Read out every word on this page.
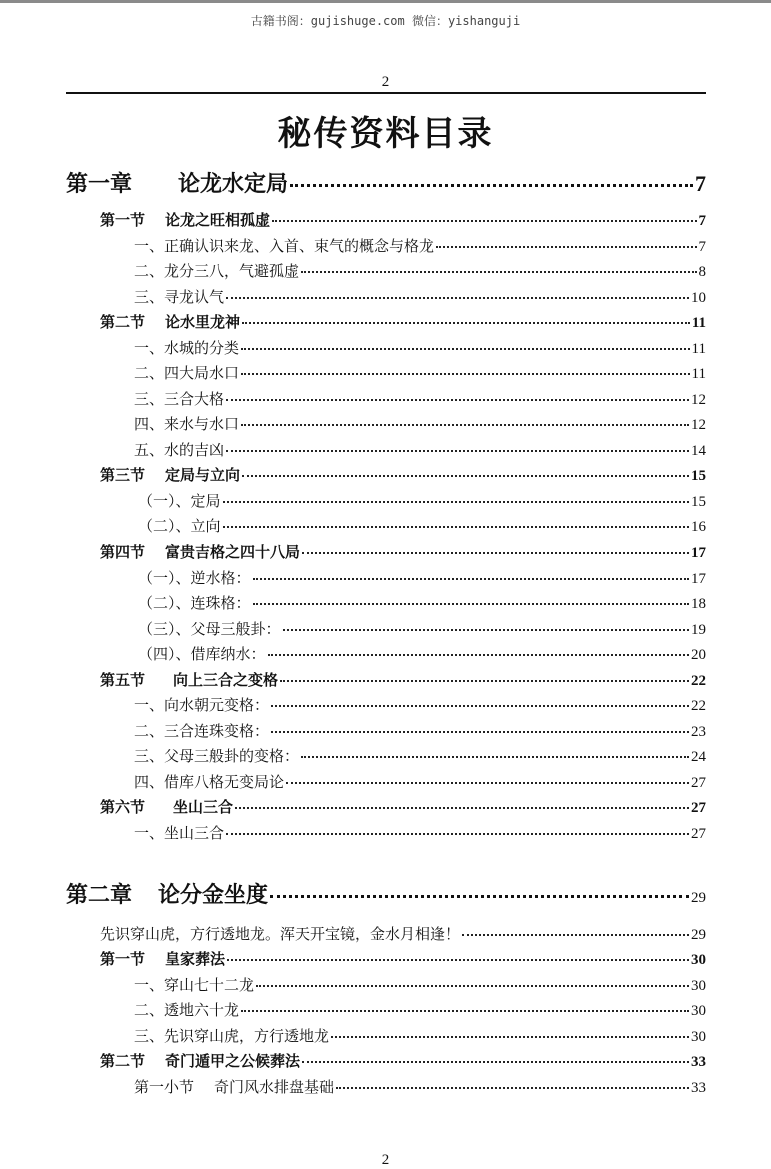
古籍书阁：gujishuge.com 微信：yishanguji
2
秘传资料目录
第一章 论龙水定局	7
第一节 论龙之旺相孤虚	7
一、正确认识来龙、入首、束气的概念与格龙	7
二、龙分三八，气避孤虚	8
三、寻龙认气	10
第二节 论水里龙神	11
一、水城的分类	11
二、四大局水口	11
三、三合大格	12
四、来水与水口	12
五、水的吉凶	14
第三节 定局与立向	15
（一）、定局	15
（二）、立向	16
第四节 富贵吉格之四十八局	17
（一）、逆水格：	17
（二）、连珠格：	18
（三）、父母三般卦：	19
（四）、借库纳水：	20
第五节 向上三合之变格	22
一、向水朝元变格：	22
二、三合连珠变格：	23
三、父母三般卦的变格：	24
四、借库八格无变局论	27
第六节 坐山三合	27
一、坐山三合	27
第二章 论分金坐度	29
先识穿山虎，方行透地龙。浑天开宝镜，金水月相逢！	29
第一节 皇家葬法	30
一、穿山七十二龙	30
二、透地六十龙	30
三、先识穿山虎，方行透地龙	30
第二节 奇门遁甲之公候葬法	33
第一小节 奇门风水排盘基础	33
2
